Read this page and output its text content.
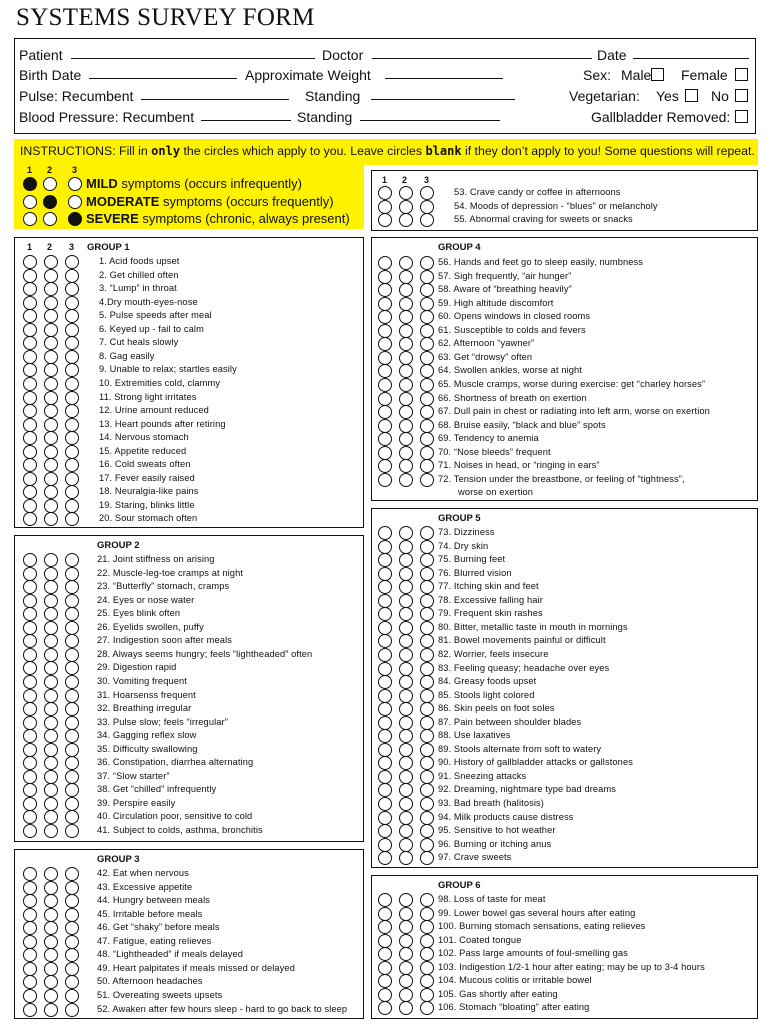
SYSTEMS SURVEY FORM
Patient	Doctor	Date
Birth Date	Approximate Weight	Sex: Male Female
Pulse: Recumbent	Standing	Vegetarian: Yes No
Blood Pressure: Recumbent	Standing	Gallbladder Removed:
INSTRUCTIONS: Fill in only the circles which apply to you. Leave circles blank if they don’t apply to you! Some questions will repeat.
1 2 3
MILD symptoms (occurs infrequently)
MODERATE symptoms (occurs frequently)
SEVERE symptoms (chronic, always present)
1 2 3 GROUP 1
1. Acid foods upset
2. Get chilled often
3. “Lump” in throat
4.Dry mouth-eyes-nose
5. Pulse speeds after meal
6. Keyed up - fail to calm
7. Cut heals slowly
8. Gag easily
9. Unable to relax; startles easily
10. Extremities cold, clammy
11. Strong light irritates
12. Urine amount reduced
13. Heart pounds after retiring
14. Nervous stomach
15. Appetite reduced
16. Cold sweats often
17. Fever easily raised
18. Neuralgia-like pains
19. Staring, blinks little
20. Sour stomach often
GROUP 2
21. Joint stiffness on arising
22. Muscle-leg-toe cramps at night
23. “Butterfly” stomach, cramps
24. Eyes or nose water
25. Eyes blink often
26. Eyelids swollen, puffy
27. Indigestion soon after meals
28. Always seems hungry; feels “lightheaded” often
29. Digestion rapid
30. Vomiting frequent
31. Hoarsenss frequent
32. Breathing irregular
33. Pulse slow; feels “irregular”
34. Gagging reflex slow
35. Difficulty swallowing
36. Constipation, diarrhea alternating
37. “Slow starter”
38. Get “chilled” infrequently
39. Perspire easily
40. Circulation poor, sensitive to cold
41. Subject to colds, asthma, bronchitis
GROUP 3
42. Eat when nervous
43. Excessive appetite
44. Hungry between meals
45. Irritable before meals
46. Get “shaky” before meals
47. Fatigue, eating relieves
48. “Lightheaded” if meals delayed
49. Heart palpitates if meals missed or delayed
50. Afternoon headaches
51. Overeating sweets upsets
52. Awaken after few hours sleep - hard to go back to sleep
1 2 3
53. Crave candy or coffee in afternoons
54. Moods of depression - “blues” or melancholy
55. Abnormal craving for sweets or snacks
GROUP 4
56. Hands and feet go to sleep easily, numbness
57. Sigh frequently, “air hunger”
58. Aware of “breathing heavily”
59. High altitude discomfort
60. Opens windows in closed rooms
61. Susceptible to colds and fevers
62. Afternoon “yawner”
63. Get “drowsy” often
64. Swollen ankles, worse at night
65. Muscle cramps, worse during exercise: get “charley horses”
66. Shortness of breath on exertion
67. Dull pain in chest or radiating into left arm, worse on exertion
68. Bruise easily, “black and blue” spots
69. Tendency to anemia
70. “Nose bleeds” frequent
71. Noises in head, or “ringing in ears”
72. Tension under the breastbone, or feeling of “tightness”,
worse on exertion
GROUP 5
73. Dizziness
74. Dry skin
75. Burning feet
76. Blurred vision
77. Itching skin and feet
78. Excessive falling hair
79. Frequent skin rashes
80. Bitter, metallic taste in mouth in mornings
81. Bowel movements painful or difficult
82. Worrier, feels insecure
83. Feeling queasy; headache over eyes
84. Greasy foods upset
85. Stools light colored
86. Skin peels on foot soles
87. Pain between shoulder blades
88. Use laxatives
89. Stools alternate from soft to watery
90. History of gallbladder attacks or gallstones
91. Sneezing attacks
92. Dreaming, nightmare type bad dreams
93. Bad breath (halitosis)
94. Milk products cause distress
95. Sensitive to hot weather
96. Burning or itching anus
97. Crave sweets
GROUP 6
98. Loss of taste for meat
99. Lower bowel gas several hours after eating
100. Burning stomach sensations, eating relieves
101. Coated tongue
102. Pass large amounts of foul-smelling gas
103. Indigestion 1/2-1 hour after eating; may be up to 3-4 hours
104. Mucous colitis or irritable bowel
105. Gas shortly after eating
106. Stomach “bloating” after eating
